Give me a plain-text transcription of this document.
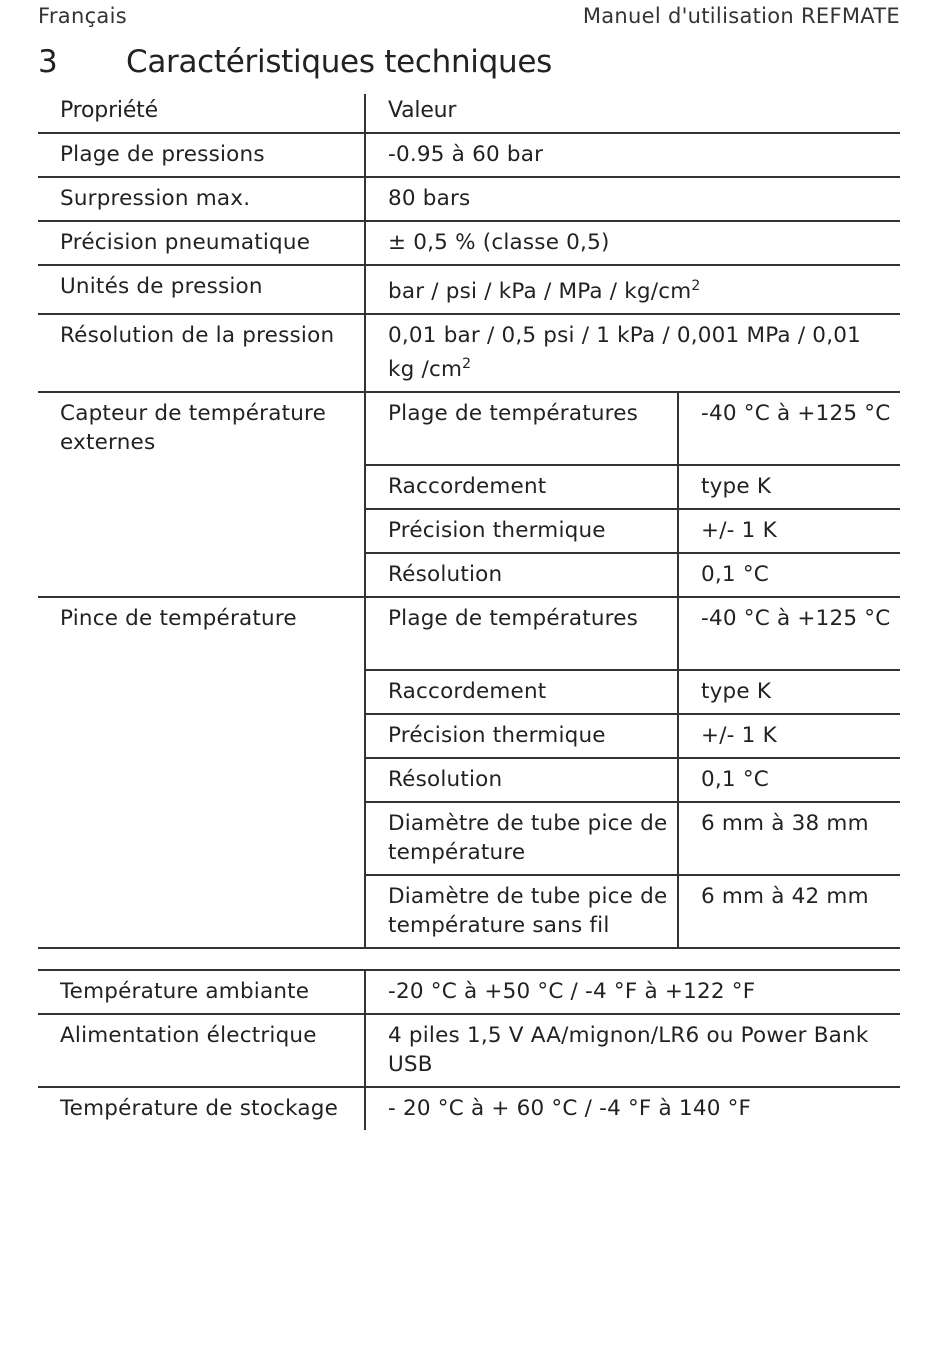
Français	Manuel d'utilisation REFMATE
3 Caractéristiques techniques
Propriété	Valeur	
Plage de pressions	-0.95 à 60 bar	
Surpression max.	80 bars	
Précision pneumatique	± 0,5 % (classe 0,5)	
Unités de pression	bar / psi / kPa / MPa / $kg/cm^2$
Résolution de la pression	0,01 bar / 0,5 psi / 1 kPa / 0,001 MPa / 0,01 kg $/cm^2$
Capteur de température externes	Plage de températures	-40 °C à +125 °C
	Raccordement	type K
	Précision thermique	+/- 1 K
	Résolution	0,1 °C
Pince de température	Plage de températures	-40 °C à +125 °C
	Raccordement	type K
	Précision thermique	+/- 1 K
	Résolution	0,1 °C
	Diamètre de tube pice de température	6 mm à 38 mm
	Diamètre de tube pice de température sans fil	6 mm à 42 mm
Température ambiante	-20 °C à +50 °C / -4 °F à +122 °F
Alimentation électrique	4 piles 1,5 V AA/mignon/LR6 ou Power Bank USB
Température de stockage	- 20 °C à + 60 °C / -4 °F à 140 °F
